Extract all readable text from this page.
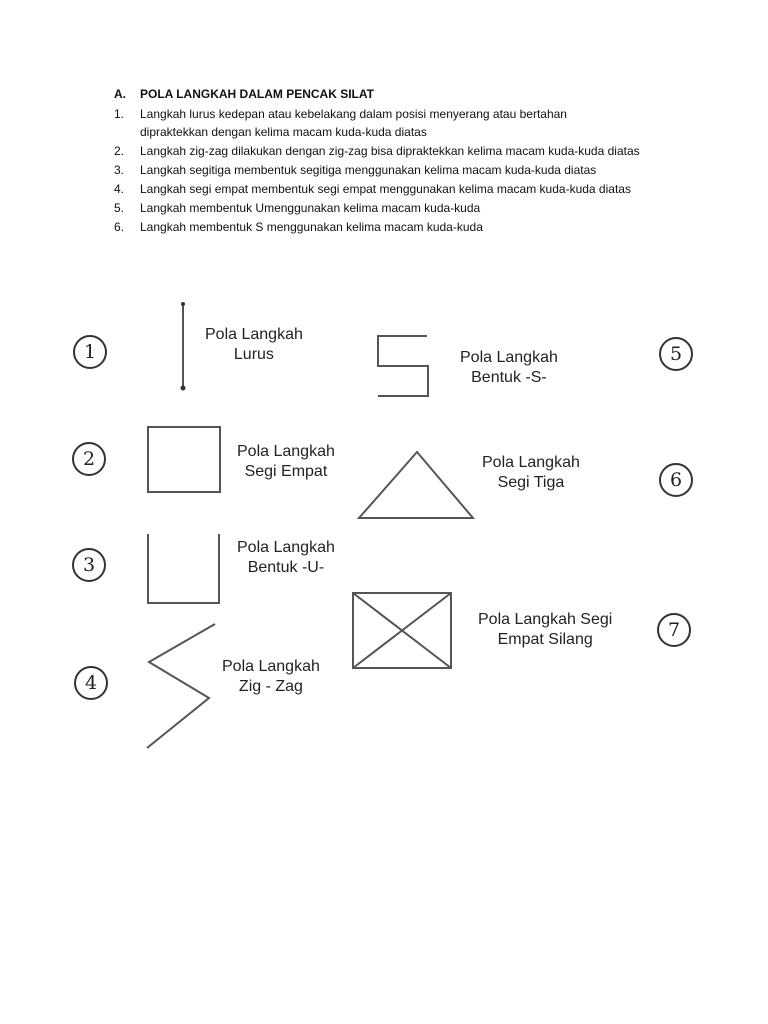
A. POLA LANGKAH DALAM PENCAK SILAT
1. Langkah lurus kedepan atau kebelakang dalam posisi menyerang atau bertahan
dipraktekkan dengan kelima macam kuda-kuda diatas
2. Langkah zig-zag dilakukan dengan zig-zag bisa dipraktekkan kelima macam kuda-kuda diatas
3. Langkah segitiga membentuk segitiga menggunakan kelima macam kuda-kuda diatas
4. Langkah segi empat membentuk segi empat menggunakan kelima macam kuda-kuda diatas
5. Langkah membentuk Umenggunakan kelima macam kuda-kuda
6. Langkah membentuk S menggunakan kelima macam kuda-kuda
1
Pola Langkah
Lurus	Pola Langkah
Bentuk -S-
5
2	Pola Langkah
Segi Empat
Pola Langkah
Segi Tiga	6
3
Pola Langkah
Bentuk -U-
Pola Langkah Segi
Empat Silang	7
4
Pola Langkah
Zig - Zag
